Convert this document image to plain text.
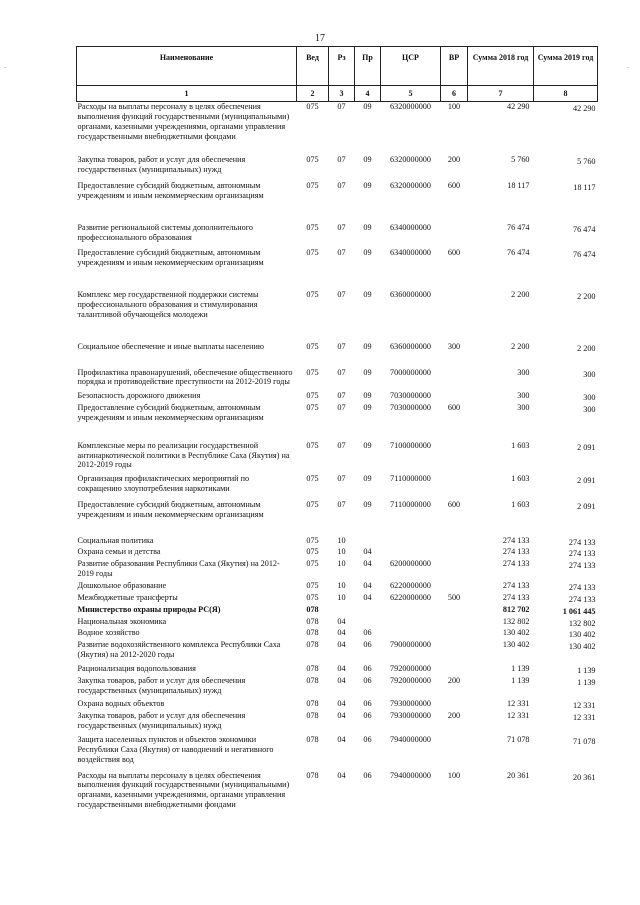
17
·	·
Наименование	Вед	Рз	Пр	ЦСР	ВР	Сумма 2018 год	Сумма 2019 год
1	2	3	4	5	6	7	8
Расходы на выплаты персоналу в целях обеспечения выполнения функций государственными (муниципальными) органами, казенными учреждениями, органами управления государственными внебюджетными фондами	075	07	09	6320000000	100	42 290	42 290

Закупка товаров, работ и услуг для обеспечения государственных (муниципальных) нужд	075	07	09	6320000000	200	5 760	5 760

Предоставление субсидий бюджетным, автономным учреждениям и иным некоммерческим организациям	075	07	09	6320000000	600	18 117	18 117

Развитие региональной системы дополнительного профессионального образования	075	07	09	6340000000		76 474	76 474

Предоставление субсидий бюджетным, автономным учреждениям и иным некоммерческим организациям	075	07	09	6340000000	600	76 474	76 474

Комплекс мер государственной поддержки системы профессионального образования и стимулирования талантливой обучающейся молодежи	075	07	09	6360000000		2 200	2 200

Социальное обеспечение и иные выплаты населению	075	07	09	6360000000	300	2 200	2 200

Профилактика правонарушений, обеспечение общественного порядка и противодействие преступности на 2012-2019 годы	075	07	09	7000000000		300	300

Безопасность дорожного движения	075	07	09	7030000000		300	300
Предоставление субсидий бюджетным, автономным учреждениям и иным некоммерческим организациям	075	07	09	7030000000	600	300	300

Комплексные меры по реализации государственной антинаркотической политики в Республике Саха (Якутия) на 2012-2019 годы	075	07	09	7100000000		1 603	2 091

Организация профилактических мероприятий по сокращению злоупотребления наркотиками	075	07	09	7110000000		1 603	2 091

Предоставление субсидий бюджетным, автономным учреждениям и иным некоммерческим организациям	075	07	09	7110000000	600	1 603	2 091

Социальная политика	075	10				274 133	274 133
Охрана семьи и детства	075	10	04			274 133	274 133
Развитие образования Республики Саха (Якутия) на 2012-2019 годы	075	10	04	6200000000		274 133	274 133

Дошкольное образование	075	10	04	6220000000		274 133	274 133
Межбюджетные трансферты	075	10	04	6220000000	500	274 133	274 133
Министерство охраны природы РС(Я)	078					812 702	1 061 445
Национальная экономика	078	04				132 802	132 802
Водное хозяйство	078	04	06			130 402	130 402
Развитие водохозяйственного комплекса Республики Саха (Якутия) на 2012-2020 годы	078	04	06	7900000000		130 402	130 402

Рационализация водопользования	078	04	06	7920000000		1 139	1 139
Закупка товаров, работ и услуг для обеспечения государственных (муниципальных) нужд	078	04	06	7920000000	200	1 139	1 139

Охрана водных объектов	078	04	06	7930000000		12 331	12 331
Закупка товаров, работ и услуг для обеспечения государственных (муниципальных) нужд	078	04	06	7930000000	200	12 331	12 331

Защита населенных пунктов и объектов экономики Республики Саха (Якутия) от наводнений и негативного воздействия вод	078	04	06	7940000000		71 078	71 078

Расходы на выплаты персоналу в целях обеспечения выполнения функций государственными (муниципальными) органами, казенными учреждениями, органами управления государственными внебюджетными фондами	078	04	06	7940000000	100	20 361	20 361
